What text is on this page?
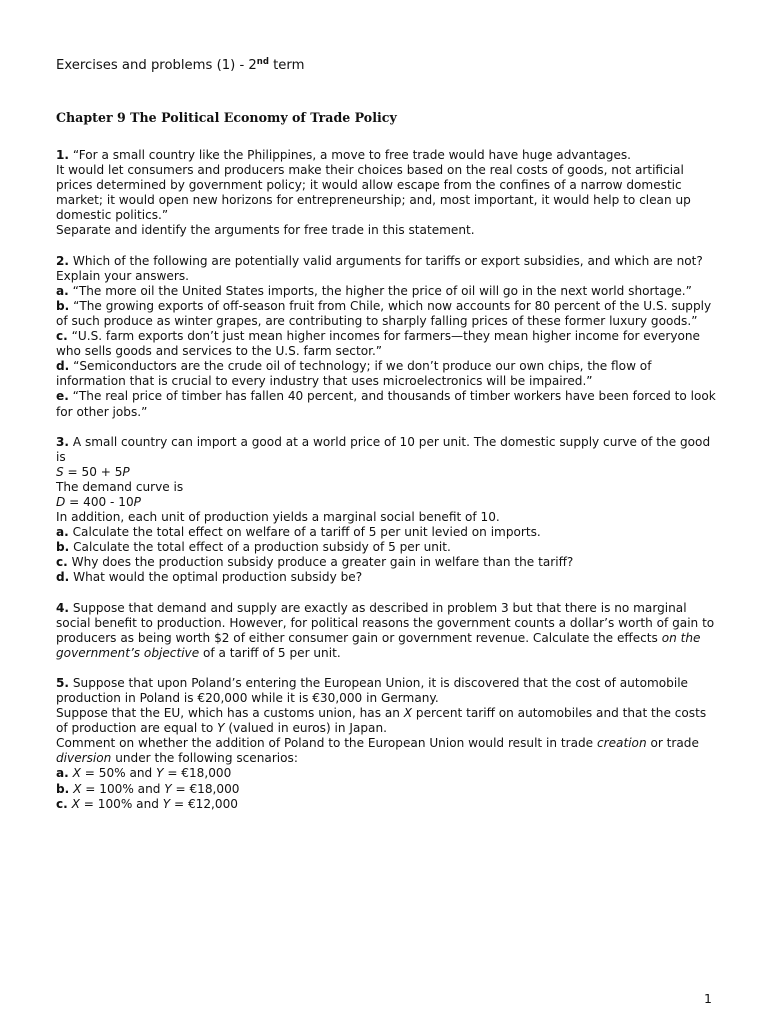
Exercises and problems (1) - 2nd term
Chapter 9 The Political Economy of Trade Policy

1. “For a small country like the Philippines, a move to free trade would have huge advantages.

It would let consumers and producers make their choices based on the real costs of goods, not artificial prices determined by government policy; it would allow escape from the confines of a narrow domestic market; it would open new horizons for entrepreneurship; and, most important, it would help to clean up domestic politics.”

Separate and identify the arguments for free trade in this statement.

2. Which of the following are potentially valid arguments for tariffs or export subsidies, and which are not? Explain your answers.

a. “The more oil the United States imports, the higher the price of oil will go in the next world shortage.”

b. “The growing exports of off-season fruit from Chile, which now accounts for 80 percent of the U.S. supply of such produce as winter grapes, are contributing to sharply falling prices of these former luxury goods.”

c. “U.S. farm exports don’t just mean higher incomes for farmers—they mean higher income for everyone who sells goods and services to the U.S. farm sector.”

d. “Semiconductors are the crude oil of technology; if we don’t produce our own chips, the flow of information that is crucial to every industry that uses microelectronics will be impaired.”

e. “The real price of timber has fallen 40 percent, and thousands of timber workers have been forced to look for other jobs.”

3. A small country can import a good at a world price of 10 per unit. The domestic supply curve of the good is

S = 50 + 5P

The demand curve is

D = 400 - 10P

In addition, each unit of production yields a marginal social benefit of 10.

a. Calculate the total effect on welfare of a tariff of 5 per unit levied on imports.

b. Calculate the total effect of a production subsidy of 5 per unit.

c. Why does the production subsidy produce a greater gain in welfare than the tariff?

d. What would the optimal production subsidy be?

4. Suppose that demand and supply are exactly as described in problem 3 but that there is no marginal social benefit to production. However, for political reasons the government counts a dollar’s worth of gain to producers as being worth $2 of either consumer gain or government revenue. Calculate the effects on the government’s objective of a tariff of 5 per unit.

5. Suppose that upon Poland’s entering the European Union, it is discovered that the cost of automobile production in Poland is €20,000 while it is €30,000 in Germany.

Suppose that the EU, which has a customs union, has an X percent tariff on automobiles and that the costs of production are equal to Y (valued in euros) in Japan.

Comment on whether the addition of Poland to the European Union would result in trade creation or trade diversion under the following scenarios:

a. X = 50% and Y = €18,000

b. X = 100% and Y = €18,000

c. X = 100% and Y = €12,000

1
